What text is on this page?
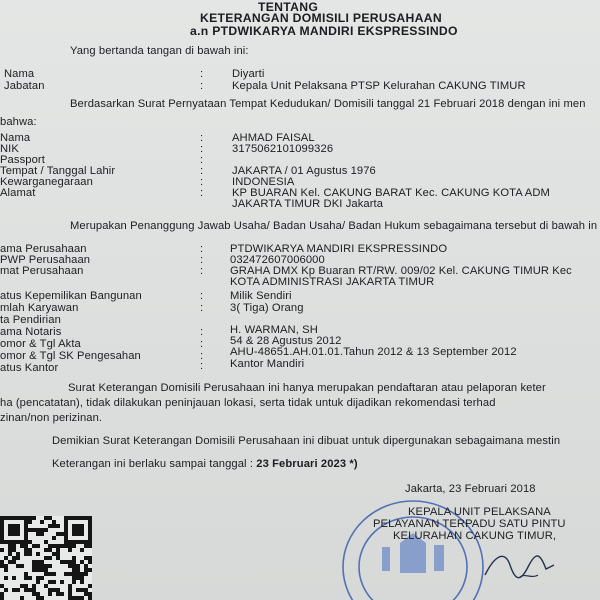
TENTANG
KETERANGAN DOMISILI PERUSAHAAN
a.n PTDWIKARYA MANDIRI EKSPRESSINDO
Yang bertanda tangan di bawah ini:
Nama	:	Diyarti
Jabatan	:	Kepala Unit Pelaksana PTSP Kelurahan CAKUNG TIMUR
Berdasarkan Surat Pernyataan Tempat Kedudukan/ Domisili tanggal 21 Februari 2018 dengan ini men
bahwa:
Nama	:	AHMAD FAISAL
NIK	:	3175062101099326
Passport	:
Tempat / Tanggal Lahir	:	JAKARTA / 01 Agustus 1976
Kewarganegaraan	:	INDONESIA
Alamat	:	KP BUARAN Kel. CAKUNG BARAT Kec. CAKUNG KOTA ADM
JAKARTA TIMUR DKI Jakarta
Merupakan Penanggung Jawab Usaha/ Badan Usaha/ Badan Hukum sebagaimana tersebut di bawah in
ama Perusahaan	: PTDWIKARYA MANDIRI EKSPRESSINDO
PWP Perusahaan	: 032472607006000
mat Perusahaan	: GRAHA DMX Kp Buaran RT/RW. 009/02 Kel. CAKUNG TIMUR Kec
KOTA ADMINISTRASI JAKARTA TIMUR
atus Kepemilikan Bangunan	: Milik Sendiri
mlah Karyawan	: 3( Tiga) Orang
ta Pendirian
ama Notaris	: H. WARMAN, SH
omor & Tgl Akta	: 54 & 28 Agustus 2012
omor & Tgl SK Pengesahan	: AHU-48651.AH.01.01.Tahun 2012 & 13 September 2012
atus Kantor	: Kantor Mandiri
Surat Keterangan Domisili Perusahaan ini hanya merupakan pendaftaran atau pelaporan keter
ha (pencatatan), tidak dilakukan peninjauan lokasi, serta tidak untuk dijadikan rekomendasi terhad
zinan/non perizinan.
Demikian Surat Keterangan Domisili Perusahaan ini dibuat untuk dipergunakan sebagaimana mestin
Keterangan ini berlaku sampai tanggal : 23 Februari 2023 *)
Jakarta, 23 Februari 2018
KEPALA UNIT PELAKSANA
PELAYANAN TERPADU SATU PINTU
KELURAHAN CAKUNG TIMUR,
